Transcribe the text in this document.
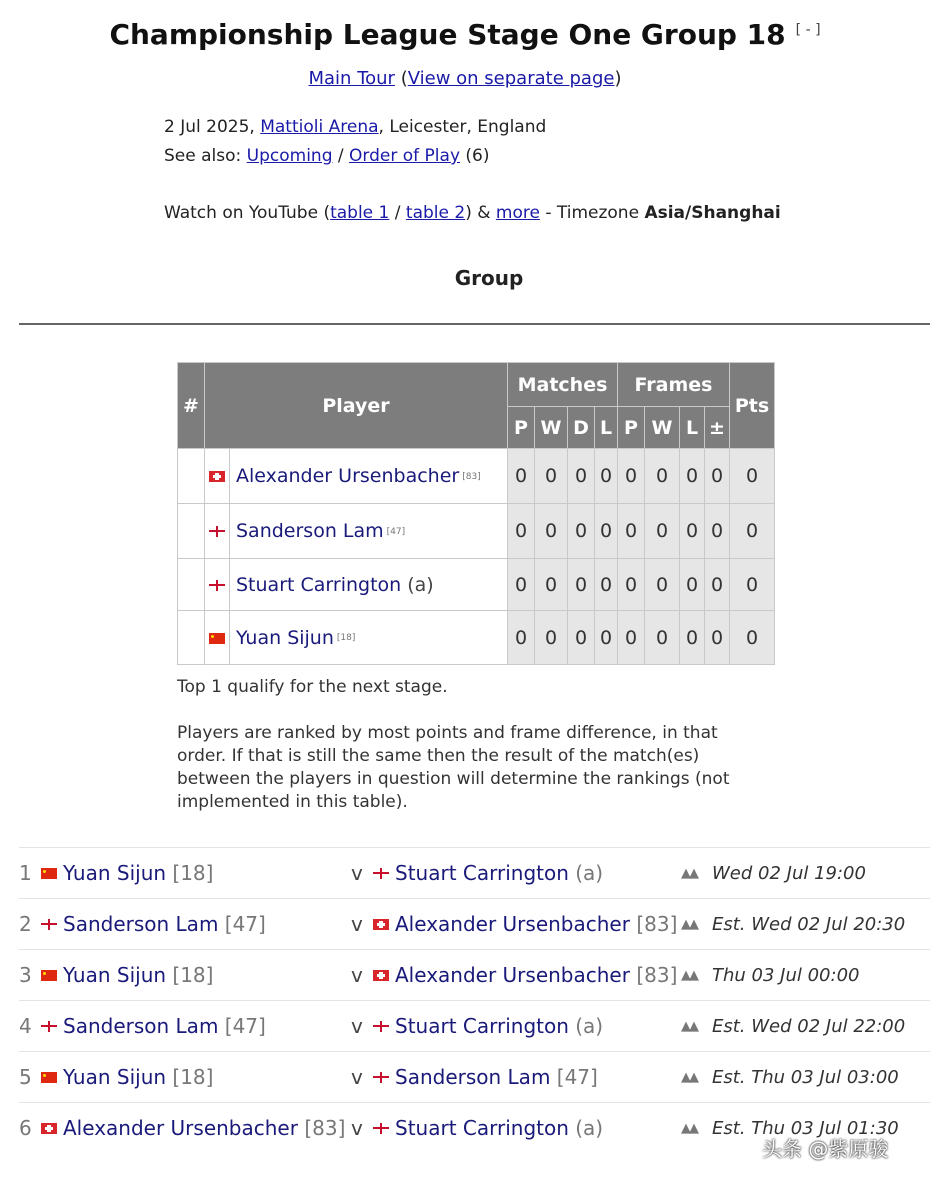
Championship League Stage One Group 18 [ - ]
Main Tour (View on separate page)
2 Jul 2025, Mattioli Arena, Leicester, England
See also: Upcoming / Order of Play (6)
Watch on YouTube (table 1 / table 2) & more - Timezone Asia/Shanghai
Group
#	Player		Matches				Frames				Pts
			P	W	D	L	P	W	L	±	
		Alexander Ursenbacher [83]	0	0	0	0	0	0	0	0	0
		Sanderson Lam [47]	0	0	0	0	0	0	0	0	0
		Stuart Carrington (a)	0	0	0	0	0	0	0	0	0
		Yuan Sijun [18]	0	0	0	0	0	0	0	0	0
Top 1 qualify for the next stage.
Players are ranked by most points and frame difference, in that order. If that is still the same then the result of the match(es) between the players in question will determine the rankings (not implemented in this table).
1	Yuan Sijun [18]	v	Stuart Carrington (a)	▲▲ Wed 02 Jul 19:00
2	Sanderson Lam [47]	v	Alexander Ursenbacher [83] ▲▲ Est. Wed 02 Jul 20:30
3	Yuan Sijun [18]	v	Alexander Ursenbacher [83] ▲▲ Thu 03 Jul 00:00
4	Sanderson Lam [47]	v	Stuart Carrington (a)	▲▲ Est. Wed 02 Jul 22:00
5	Yuan Sijun [18]	v	Sanderson Lam [47]	▲▲ Est. Thu 03 Jul 03:00
6	Alexander Ursenbacher [83] v	Stuart Carrington (a)	▲▲ Est. Thu 03 Jul 01:30
头条 @紫原骏
